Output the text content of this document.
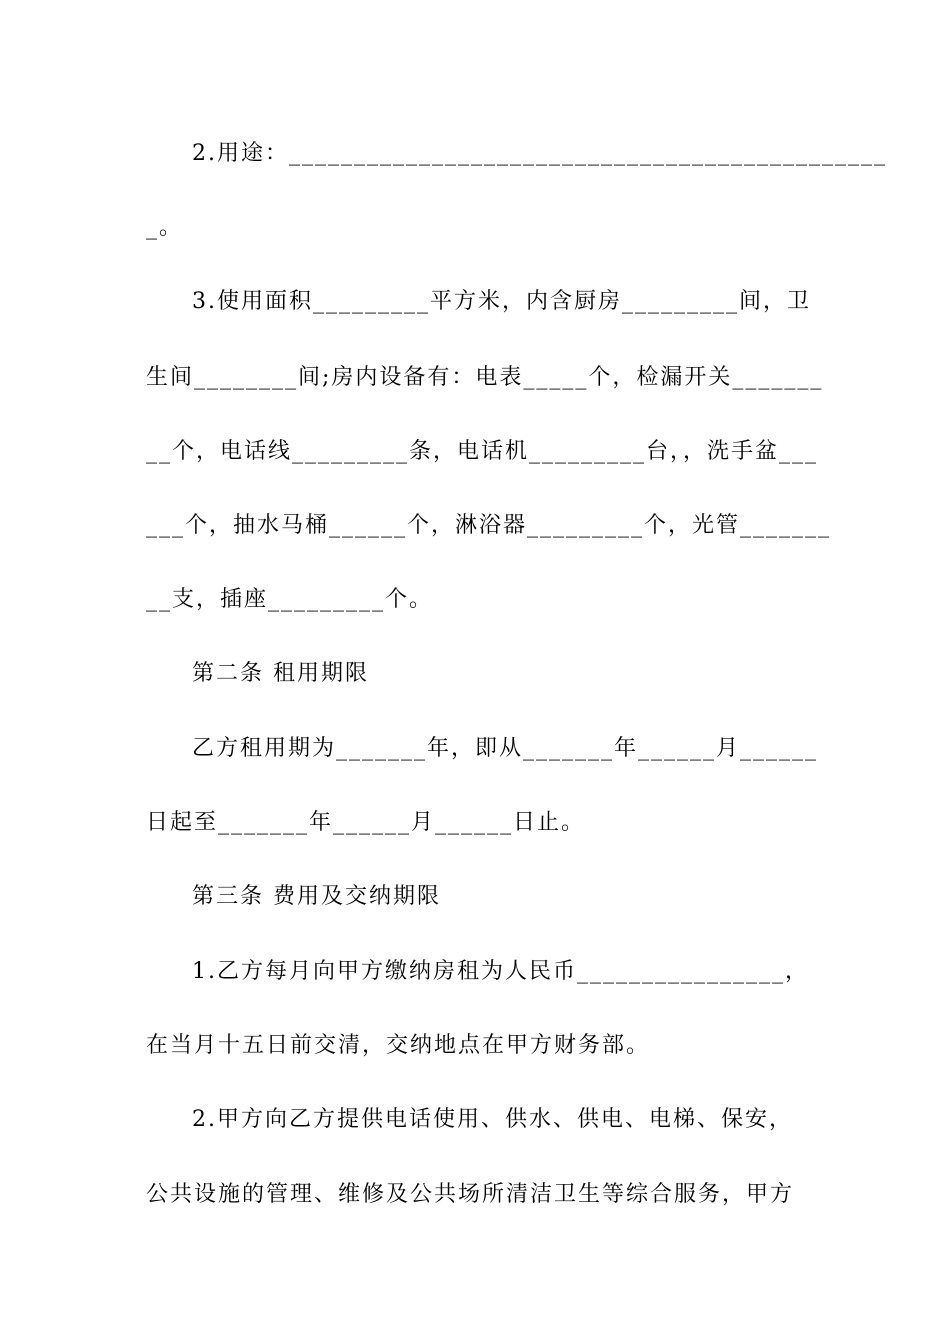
2.用途：______________________________________________
_。
3.使用面积_________平方米，内含厨房_________间，卫
生间________间;房内设备有：电表_____个，检漏开关_______
__个，电话线_________条，电话机_________台，，洗手盆___
___个，抽水马桶______个，淋浴器_________个，光管_______
__支，插座_________个。
第二条 租用期限
乙方租用期为_______年，即从_______年______月______
日起至_______年______月______日止。
第三条 费用及交纳期限
1.乙方每月向甲方缴纳房租为人民币________________，
在当月十五日前交清，交纳地点在甲方财务部。
2.甲方向乙方提供电话使用、供水、供电、电梯、保安，
公共设施的管理、维修及公共场所清洁卫生等综合服务，甲方
